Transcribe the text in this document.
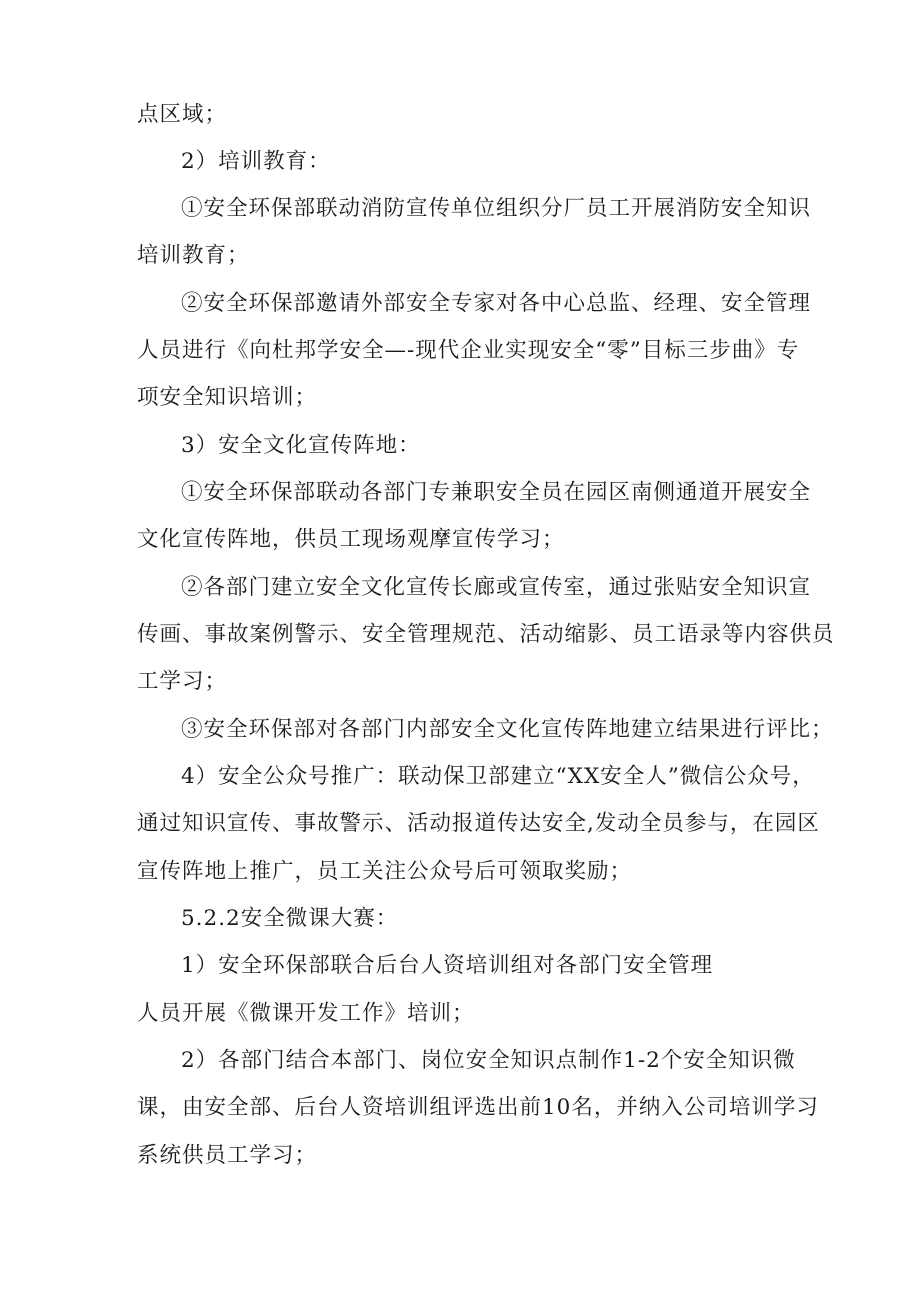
点区域；
2）培训教育：
①安全环保部联动消防宣传单位组织分厂员工开展消防安全知识
培训教育；
②安全环保部邀请外部安全专家对各中心总监、经理、安全管理
人员进行《向杜邦学安全—-现代企业实现安全“零”目标三步曲》专
项安全知识培训；
3）安全文化宣传阵地：
①安全环保部联动各部门专兼职安全员在园区南侧通道开展安全
文化宣传阵地，供员工现场观摩宣传学习；
②各部门建立安全文化宣传长廊或宣传室，通过张贴安全知识宣
传画、事故案例警示、安全管理规范、活动缩影、员工语录等内容供员
工学习；
③安全环保部对各部门内部安全文化宣传阵地建立结果进行评比；
4）安全公众号推广：联动保卫部建立“XX安全人”微信公众号，
通过知识宣传、事故警示、活动报道传达安全,发动全员参与，在园区
宣传阵地上推广，员工关注公众号后可领取奖励；
5.2.2安全微课大赛：
1）安全环保部联合后台人资培训组对各部门安全管理
人员开展《微课开发工作》培训；
2）各部门结合本部门、岗位安全知识点制作1-2个安全知识微
课，由安全部、后台人资培训组评选出前10名，并纳入公司培训学习
系统供员工学习；
